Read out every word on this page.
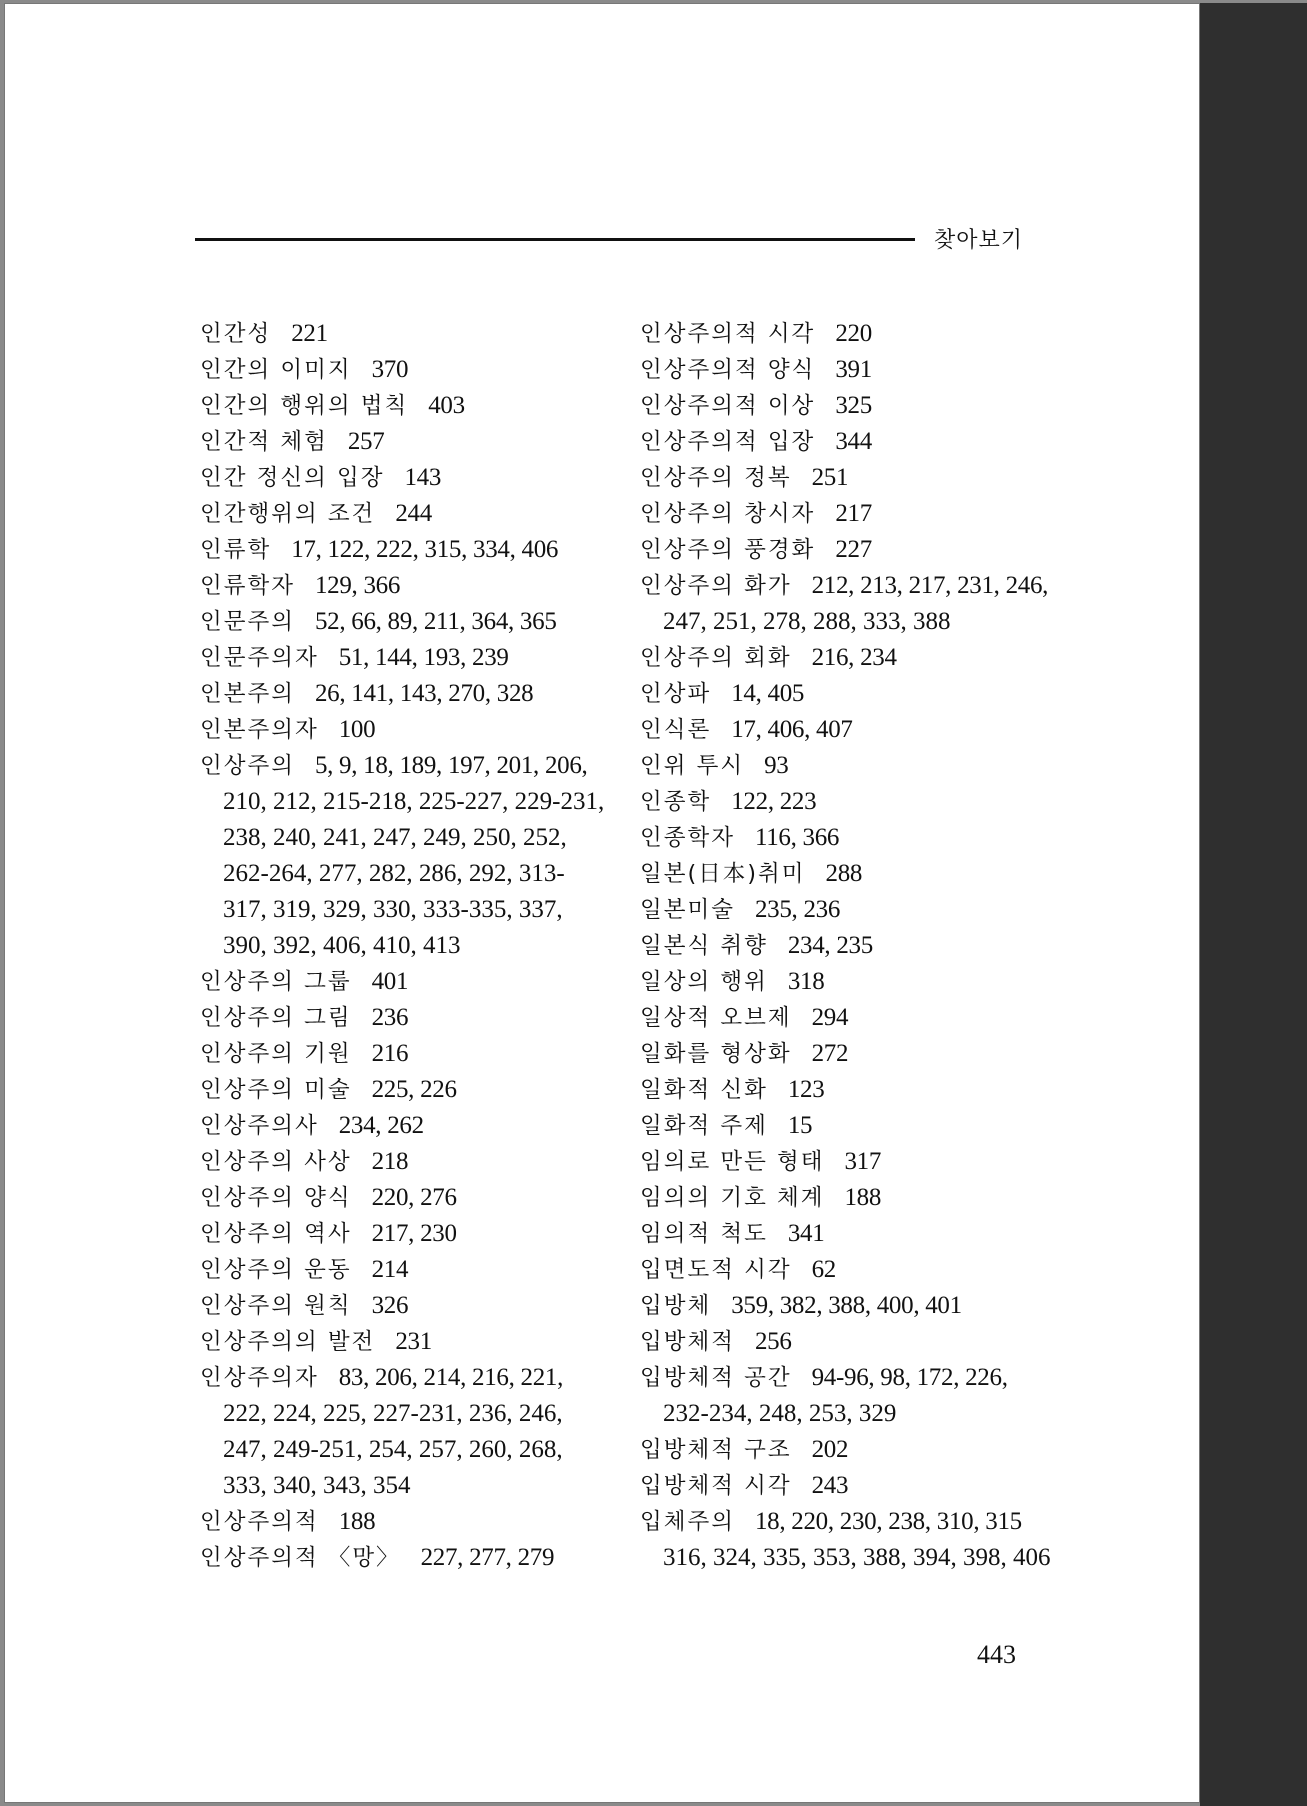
찾아보기
인간성 221
인간의 이미지 370
인간의 행위의 법칙 403
인간적 체험 257
인간 정신의 입장 143
인간행위의 조건 244
인류학 17, 122, 222, 315, 334, 406
인류학자 129, 366
인문주의 52, 66, 89, 211, 364, 365
인문주의자 51, 144, 193, 239
인본주의 26, 141, 143, 270, 328
인본주의자 100
인상주의 5, 9, 18, 189, 197, 201, 206,
210, 212, 215-218, 225-227, 229-231,
238, 240, 241, 247, 249, 250, 252,
262-264, 277, 282, 286, 292, 313-
317, 319, 329, 330, 333-335, 337,
390, 392, 406, 410, 413
인상주의 그룹 401
인상주의 그림 236
인상주의 기원 216
인상주의 미술 225, 226
인상주의사 234, 262
인상주의 사상 218
인상주의 양식 220, 276
인상주의 역사 217, 230
인상주의 운동 214
인상주의 원칙 326
인상주의의 발전 231
인상주의자 83, 206, 214, 216, 221,
222, 224, 225, 227-231, 236, 246,
247, 249-251, 254, 257, 260, 268,
333, 340, 343, 354
인상주의적 188
인상주의적 〈망〉 227, 277, 279
인상주의적 시각 220
인상주의적 양식 391
인상주의적 이상 325
인상주의적 입장 344
인상주의 정복 251
인상주의 창시자 217
인상주의 풍경화 227
인상주의 화가 212, 213, 217, 231, 246,
247, 251, 278, 288, 333, 388
인상주의 회화 216, 234
인상파 14, 405
인식론 17, 406, 407
인위 투시 93
인종학 122, 223
인종학자 116, 366
일본(日本)취미 288
일본미술 235, 236
일본식 취향 234, 235
일상의 행위 318
일상적 오브제 294
일화를 형상화 272
일화적 신화 123
일화적 주제 15
임의로 만든 형태 317
임의의 기호 체계 188
임의적 척도 341
입면도적 시각 62
입방체 359, 382, 388, 400, 401
입방체적 256
입방체적 공간 94-96, 98, 172, 226,
232-234, 248, 253, 329
입방체적 구조 202
입방체적 시각 243
입체주의 18, 220, 230, 238, 310, 315
316, 324, 335, 353, 388, 394, 398, 406
443
